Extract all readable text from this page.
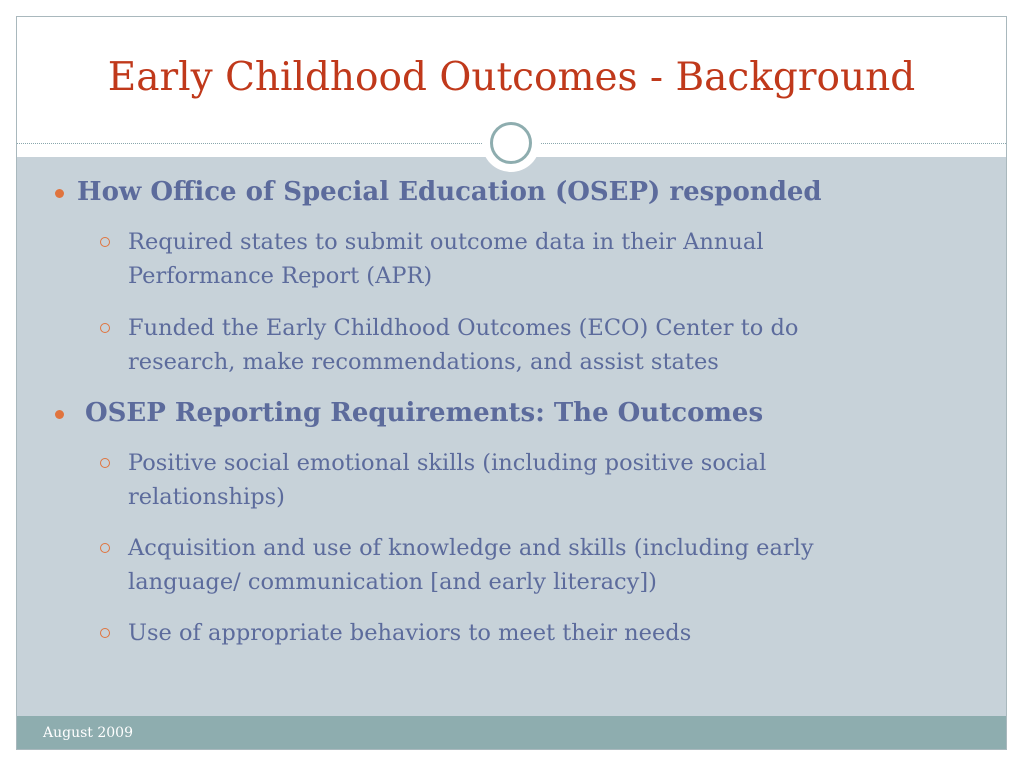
Early Childhood Outcomes - Background
How Office of Special Education (OSEP) responded
Required states to submit outcome data in their Annual Performance Report (APR)
Funded the Early Childhood Outcomes (ECO) Center to do research, make recommendations, and assist states
OSEP Reporting Requirements: The Outcomes
Positive social emotional skills (including positive social relationships)
Acquisition and use of knowledge and skills (including early language/ communication [and early literacy])
Use of appropriate behaviors to meet their needs
August 2009
